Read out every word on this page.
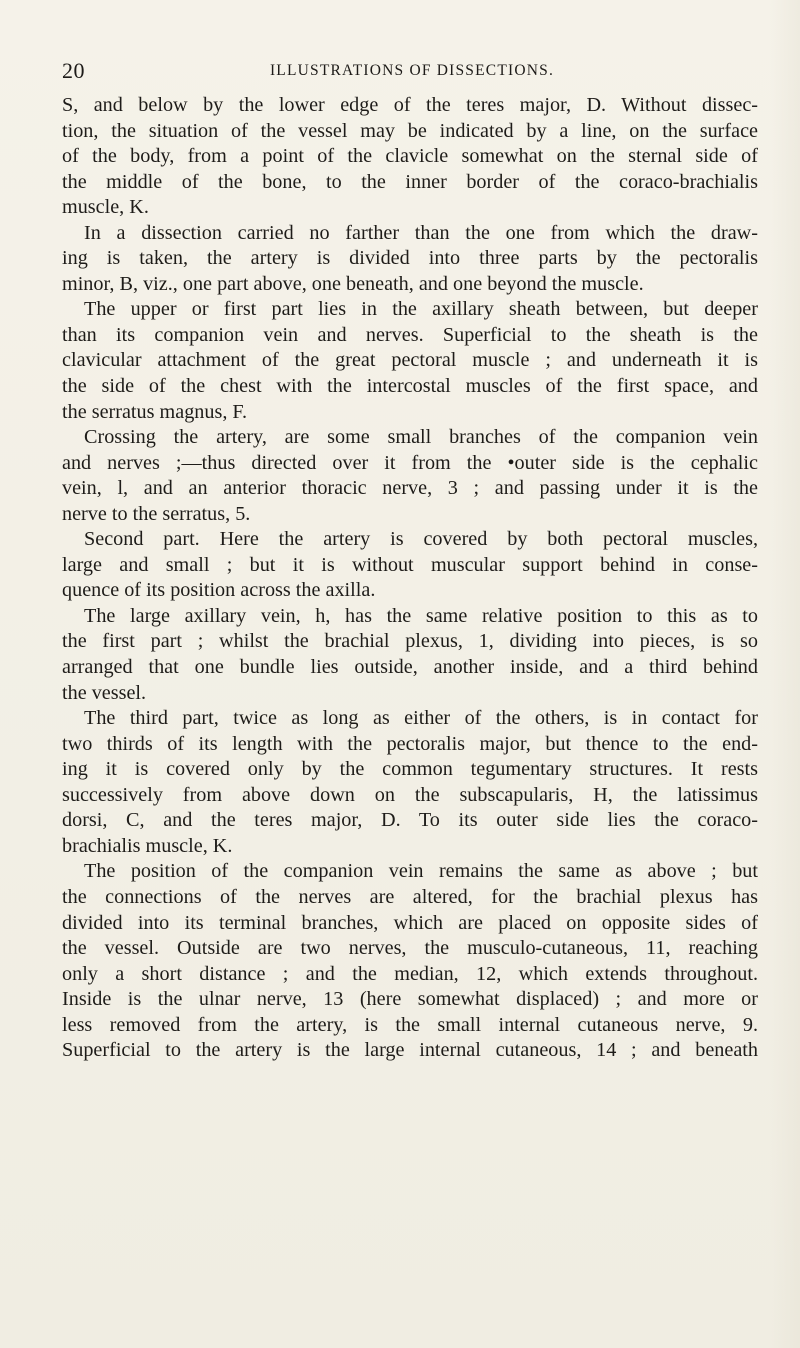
20	ILLUSTRATIONS OF DISSECTIONS.

S, and below by the lower edge of the teres major, D. Without dissec-
tion, the situation of the vessel may be indicated by a line, on the surface
of the body, from a point of the clavicle somewhat on the sternal side of
the middle of the bone, to the inner border of the coraco-brachialis
muscle, K.

In a dissection carried no farther than the one from which the draw-
ing is taken, the artery is divided into three parts by the pectoralis
minor, B, viz., one part above, one beneath, and one beyond the muscle.

The upper or first part lies in the axillary sheath between, but deeper
than its companion vein and nerves. Superficial to the sheath is the
clavicular attachment of the great pectoral muscle ; and underneath it is
the side of the chest with the intercostal muscles of the first space, and
the serratus magnus, F.

Crossing the artery, are some small branches of the companion vein
and nerves ;—thus directed over it from the •outer side is the cephalic
vein, l, and an anterior thoracic nerve, 3 ; and passing under it is the
nerve to the serratus, 5.

Second part. Here the artery is covered by both pectoral muscles,
large and small ; but it is without muscular support behind in conse-
quence of its position across the axilla.

The large axillary vein, h, has the same relative position to this as to
the first part ; whilst the brachial plexus, 1, dividing into pieces, is so
arranged that one bundle lies outside, another inside, and a third behind
the vessel.

The third part, twice as long as either of the others, is in contact for
two thirds of its length with the pectoralis major, but thence to the end-
ing it is covered only by the common tegumentary structures. It rests
successively from above down on the subscapularis, H, the latissimus
dorsi, C, and the teres major, D. To its outer side lies the coraco-
brachialis muscle, K.

The position of the companion vein remains the same as above ; but
the connections of the nerves are altered, for the brachial plexus has
divided into its terminal branches, which are placed on opposite sides of
the vessel. Outside are two nerves, the musculo-cutaneous, 11, reaching
only a short distance ; and the median, 12, which extends throughout.
Inside is the ulnar nerve, 13 (here somewhat displaced) ; and more or
less removed from the artery, is the small internal cutaneous nerve, 9.
Superficial to the artery is the large internal cutaneous, 14 ; and beneath
